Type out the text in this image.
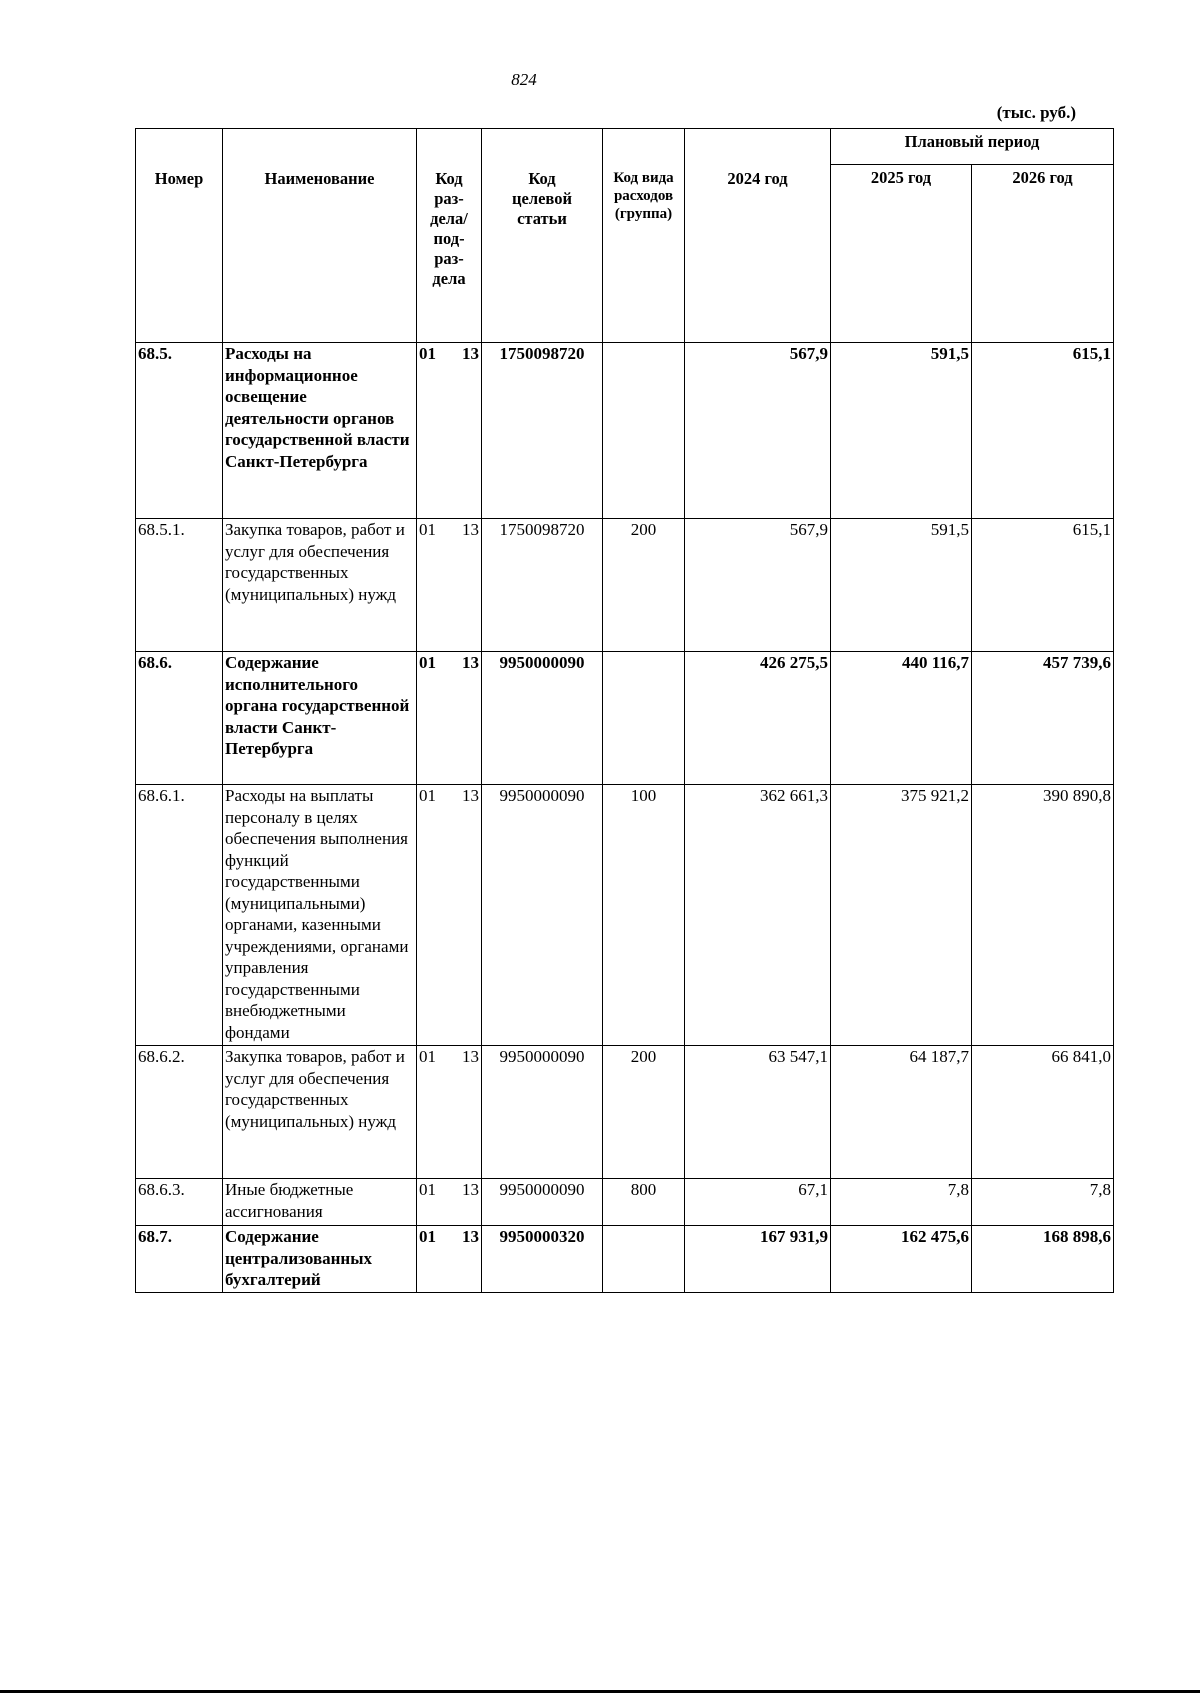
824
(тыс. руб.)
Номер	Наименование	Код раз- дела/ под- раз- дела	Код целевой статьи	Код вида расходов (группа)	2024 год	Плановый период	
						2025 год	2026 год
68.5.	Расходы на информационное освещение деятельности органов государственной власти Санкт-Петербурга	01 13	1750098720		567,9	591,5	615,1
68.5.1.	Закупка товаров, работ и услуг для обеспечения государственных (муниципальных) нужд	01 13	1750098720	200	567,9	591,5	615,1
68.6.	Содержание исполнительного органа государственной власти Санкт-Петербурга	01 13	9950000090		426 275,5	440 116,7	457 739,6
68.6.1.	Расходы на выплаты персоналу в целях обеспечения выполнения функций государственными (муниципальными) органами, казенными учреждениями, органами управления государственными внебюджетными фондами	01 13	9950000090	100	362 661,3	375 921,2	390 890,8
68.6.2.	Закупка товаров, работ и услуг для обеспечения государственных (муниципальных) нужд	01 13	9950000090	200	63 547,1	64 187,7	66 841,0
68.6.3.	Иные бюджетные ассигнования	01 13	9950000090	800	67,1	7,8	7,8
68.7.	Содержание централизованных бухгалтерий	01 13	9950000320		167 931,9	162 475,6	168 898,6
